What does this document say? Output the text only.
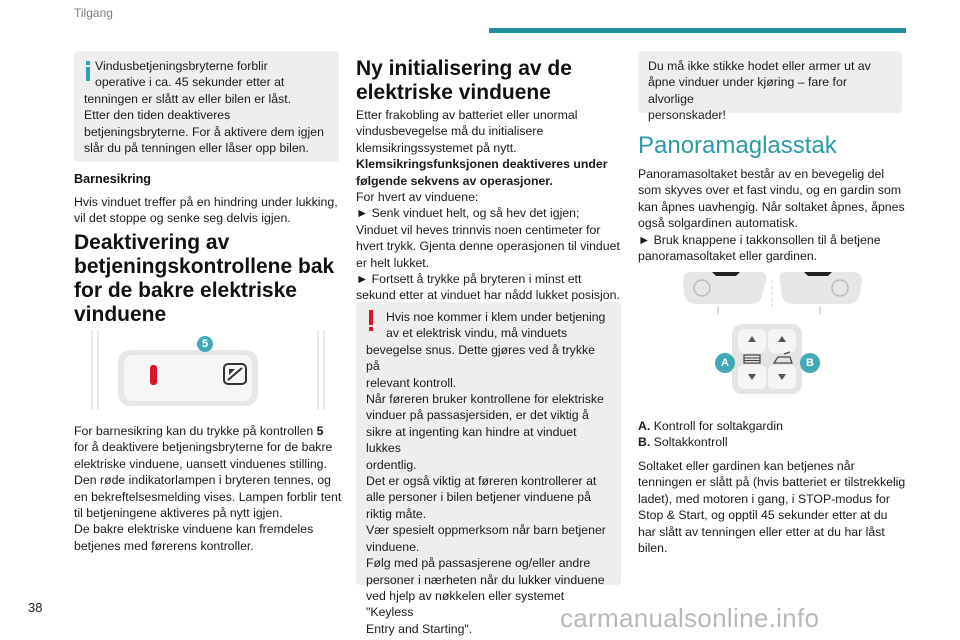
Tilgang

Vindusbetjeningsbryterne forblir

operative i ca. 45 sekunder etter at

tenningen er slått av eller bilen er låst.

Etter den tiden deaktiveres

betjeningsbryterne. For å aktivere dem igjen

slår du på tenningen eller låser opp bilen.

Barnesikring

Hvis vinduet treffer på en hindring under lukking,

vil det stoppe og senke seg delvis igjen.

Deaktivering av
betjeningskontrollene bak
for de bakre elektriske
vinduene
5

For barnesikring kan du trykke på kontrollen 5

for å deaktivere betjeningsbryterne for de bakre

elektriske vinduene, uansett vinduenes stilling.

Den røde indikatorlampen i bryteren tennes, og

en bekreftelsesmelding vises. Lampen forblir tent

til betjeningene aktiveres på nytt igjen.

De bakre elektriske vinduene kan fremdeles

betjenes med førerens kontroller.

Ny initialisering av de
elektriske vinduene

Etter frakobling av batteriet eller unormal

vindusbevegelse må du initialisere

klemsikringssystemet på nytt.

Klemsikringsfunksjonen deaktiveres under

følgende sekvens av operasjoner.

For hvert av vinduene:

► Senk vinduet helt, og så hev det igjen;

Vinduet vil heves trinnvis noen centimeter for

hvert trykk. Gjenta denne operasjonen til vinduet

er helt lukket.

► Fortsett å trykke på bryteren i minst ett

sekund etter at vinduet har nådd lukket posisjon.

Hvis noe kommer i klem under betjening

av et elektrisk vindu, må vinduets

bevegelse snus. Dette gjøres ved å trykke på

relevant kontroll.

Når føreren bruker kontrollene for elektriske

vinduer på passasjersiden, er det viktig å

sikre at ingenting kan hindre at vinduet lukkes

ordentlig.

Det er også viktig at føreren kontrollerer at

alle personer i bilen betjener vinduene på

riktig måte.

Vær spesielt oppmerksom når barn betjener

vinduene.

Følg med på passasjerene og/eller andre

personer i nærheten når du lukker vinduene

ved hjelp av nøkkelen eller systemet "Keyless

Entry and Starting".

Du må ikke stikke hodet eller armer ut av

åpne vinduer under kjøring – fare for alvorlige

personskader!

Panoramaglasstak

Panoramasoltaket består av en bevegelig del

som skyves over et fast vindu, og en gardin som

kan åpnes uavhengig. Når soltaket åpnes, åpnes

også solgardinen automatisk.

► Bruk knappene i takkonsollen til å betjene

panoramasoltaket eller gardinen.

A	B

A. Kontroll for soltakgardin

B. Soltakkontroll

Soltaket eller gardinen kan betjenes når

tenningen er slått på (hvis batteriet er tilstrekkelig

ladet), med motoren i gang, i STOP-modus for

Stop & Start, og opptil 45 sekunder etter at du

har slått av tenningen eller etter at du har låst

bilen.

38	carmanualsonline.info
